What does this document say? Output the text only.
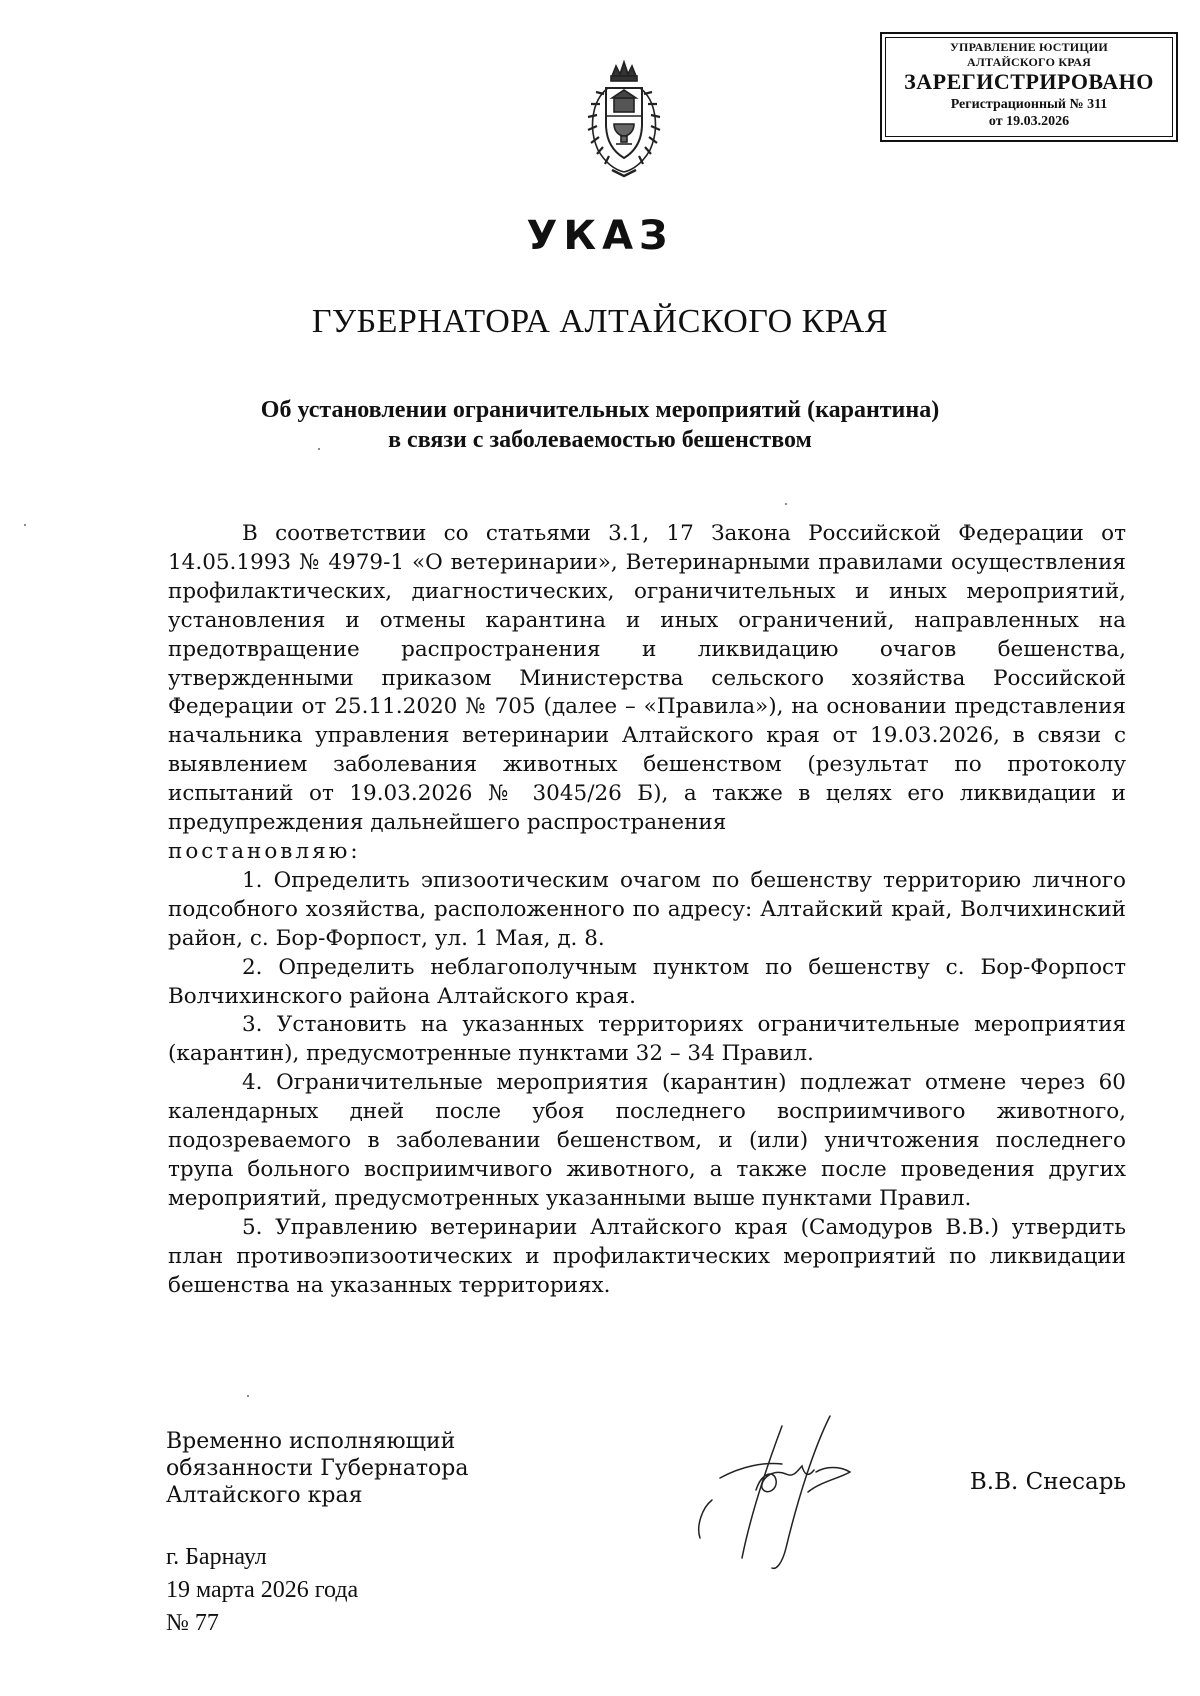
УПРАВЛЕНИЕ ЮСТИЦИИ
АЛТАЙСКОГО КРАЯ
ЗАРЕГИСТРИРОВАНО
Регистрационный № 311
от 19.03.2026
УКАЗ
ГУБЕРНАТОРА АЛТАЙСКОГО КРАЯ
Об установлении ограничительных мероприятий (карантина)
в связи с заболеваемостью бешенством

В соответствии со статьями 3.1, 17 Закона Российской Федерации от 14.05.1993 № 4979-1 «О ветеринарии», Ветеринарными правилами осуществления профилактических, диагностических, ограничительных и иных мероприятий, установления и отмены карантина и иных ограничений, направленных на предотвращение распространения и ликвидацию очагов бешенства, утвержденными приказом Министерства сельского хозяйства Российской Федерации от 25.11.2020 № 705 (далее – «Правила»), на основании представления начальника управления ветеринарии Алтайского края от 19.03.2026, в связи с выявлением заболевания животных бешенством (результат по протоколу испытаний от 19.03.2026 № 3045/26 Б), а также в целях его ликвидации и предупреждения дальнейшего распространения

постановляю:

1. Определить эпизоотическим очагом по бешенству территорию личного подсобного хозяйства, расположенного по адресу: Алтайский край, Волчихинский район, с. Бор-Форпост, ул. 1 Мая, д. 8.

2. Определить неблагополучным пунктом по бешенству с. Бор-Форпост Волчихинского района Алтайского края.

3. Установить на указанных территориях ограничительные мероприятия (карантин), предусмотренные пунктами 32 – 34 Правил.

4. Ограничительные мероприятия (карантин) подлежат отмене через 60 календарных дней после убоя последнего восприимчивого животного, подозреваемого в заболевании бешенством, и (или) уничтожения последнего трупа больного восприимчивого животного, а также после проведения других мероприятий, предусмотренных указанными выше пунктами Правил.

5. Управлению ветеринарии Алтайского края (Самодуров В.В.) утвердить план противоэпизоотических и профилактических мероприятий по ликвидации бешенства на указанных территориях.

Временно исполняющий
обязанности Губернатора
Алтайского края
В.В. Снесарь
г. Барнаул
19 марта 2026 года
№ 77
